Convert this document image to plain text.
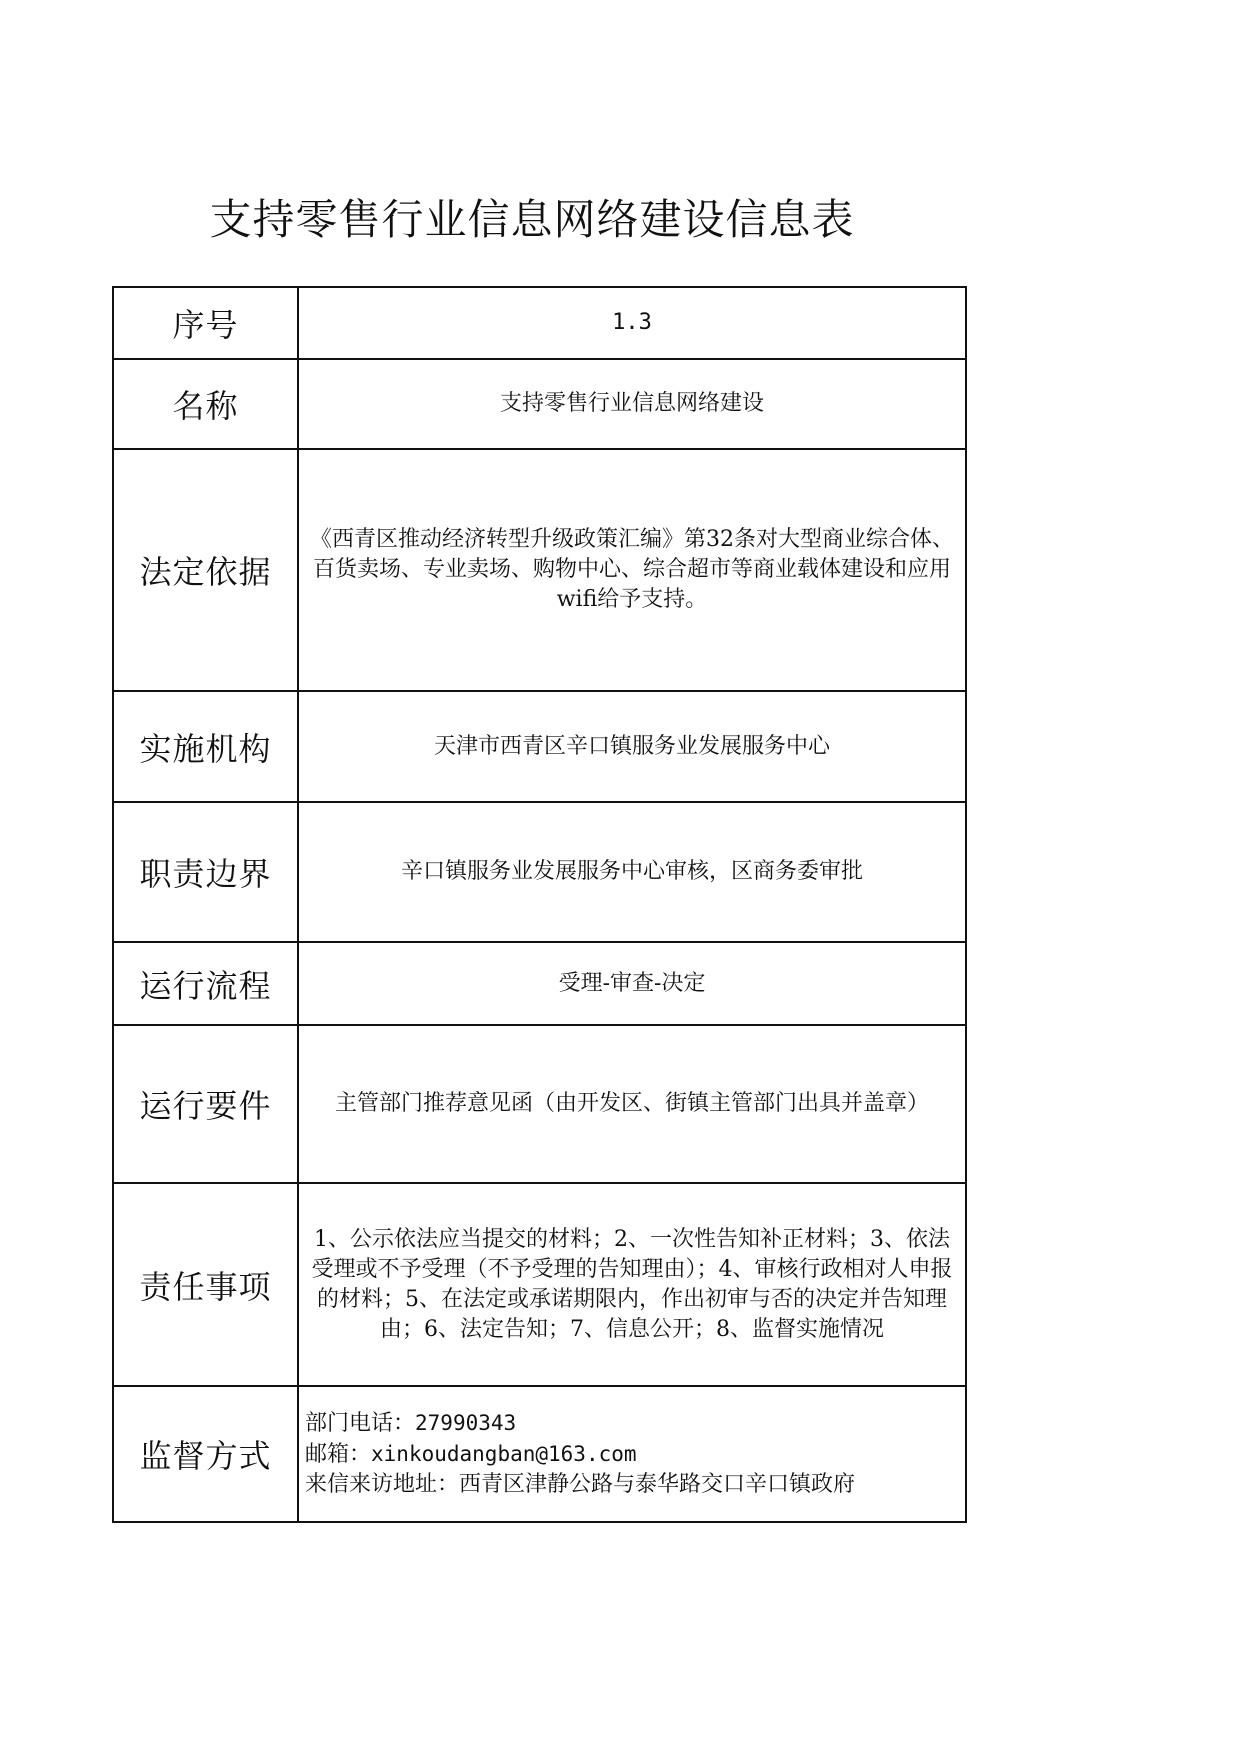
支持零售行业信息网络建设信息表
序号	1.3
名称	支持零售行业信息网络建设
法定依据	《西青区推动经济转型升级政策汇编》第32条对大型商业综合体、百货卖场、专业卖场、购物中心、综合超市等商业载体建设和应用wifi给予支持。
实施机构	天津市西青区辛口镇服务业发展服务中心
职责边界	辛口镇服务业发展服务中心审核，区商务委审批
运行流程	受理-审查-决定
运行要件	主管部门推荐意见函（由开发区、街镇主管部门出具并盖章）
责任事项	1、公示依法应当提交的材料；2、一次性告知补正材料；3、依法受理或不予受理（不予受理的告知理由）；4、审核行政相对人申报的材料；5、在法定或承诺期限内，作出初审与否的决定并告知理由；6、法定告知；7、信息公开；8、监督实施情况
监督方式	部门电话：27990343
邮箱：xinkoudangban@163.com
来信来访地址：西青区津静公路与泰华路交口辛口镇政府
